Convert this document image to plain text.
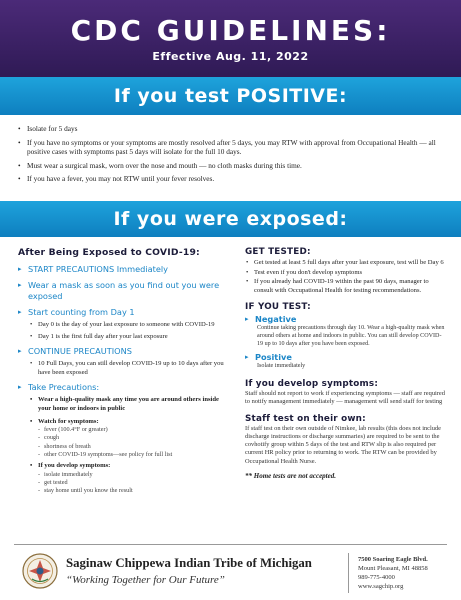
CDC GUIDELINES:
Effective Aug. 11, 2022
If you test POSITIVE:
• Isolate for 5 days
• If you have no symptoms or your symptoms are mostly resolved after 5 days, you may RTW with approval from Occupational Health — all positive cases with symptoms past 5 days will isolate for the full 10 days.
• Must wear a surgical mask, worn over the nose and mouth — no cloth masks during this time.
• If you have a fever, you may not RTW until your fever resolves.
If you were exposed:
After Being Exposed to COVID-19:
▸ START PRECAUTIONS Immediately
▸ Wear a mask as soon as you find out you were exposed
▸ Start counting from Day 1
• Day 0 is the day of your last exposure to someone with COVID-19
• Day 1 is the first full day after your last exposure
▸ CONTINUE PRECAUTIONS
• 10 Full Days, you can still develop COVID-19 up to 10 days after you have been exposed
▸ Take Precautions:
• Wear a high-quality mask any time you are around others inside your home or indoors in public
• Watch for symptoms:
- fever (100.4°F or greater)
- cough
- shortness of breath
- other COVID-19 symptoms—see policy for full list
• If you develop symptoms:
- isolate immediately
- get tested
- stay home until you know the result
GET TESTED:
• Get tested at least 5 full days after your last exposure, test will be Day 6
• Test even if you don't develop symptoms
• If you already had COVID-19 within the past 90 days, manager to consult with Occupational Health for testing recommendations.
IF YOU TEST:
▸ Negative
Continue taking precautions through day 10. Wear a high-quality mask when around others at home and indoors in public. You can still develop COVID-19 up to 10 days after you have been exposed.
▸ Positive
Isolate immediately
If you develop symptoms:
Staff should not report to work if experiencing symptoms — staff are required to notify management immediately — management will send staff for testing
Staff test on their own:
If staff test on their own outside of Nimkee, lab results (this does not include discharge instructions or discharge summaries) are required to be sent to the covhotify group within 5 days of the test and RTW slip is also required per current HR policy prior to returning to work. The RTW can be provided by Occupational Health Nurse.
** Home tests are not accepted.
Saginaw Chippewa Indian Tribe of Michigan
“Working Together for Our Future”
7500 Soaring Eagle Blvd.
Mount Pleasant, MI 48858
989-775-4000
www.sagchip.org
